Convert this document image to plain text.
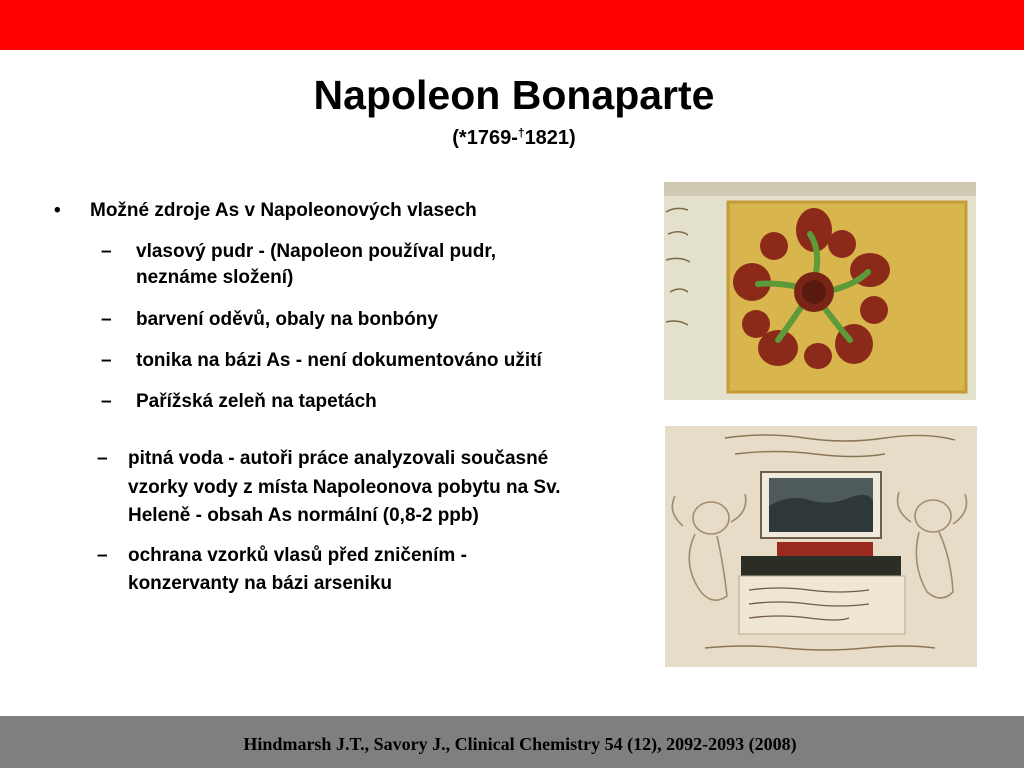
Napoleon Bonaparte
(*1769-†1821)
• Možné zdroje As v Napoleonových vlasech
– vlasový pudr - (Napoleon používal pudr,
neznáme složení)
– barvení oděvů, obaly na bonbóny
– tonika na bázi As - není dokumentováno užití
– Pařížská zeleň na tapetách
– pitná voda - autoři práce analyzovali současné
vzorky vody z místa Napoleonova pobytu na Sv.
Heleně - obsah As normální (0,8-2 ppb)
– ochrana vzorků vlasů před zničením -
konzervanty na bázi arseniku
Hindmarsh J.T., Savory J., Clinical Chemistry 54 (12), 2092-2093 (2008)
